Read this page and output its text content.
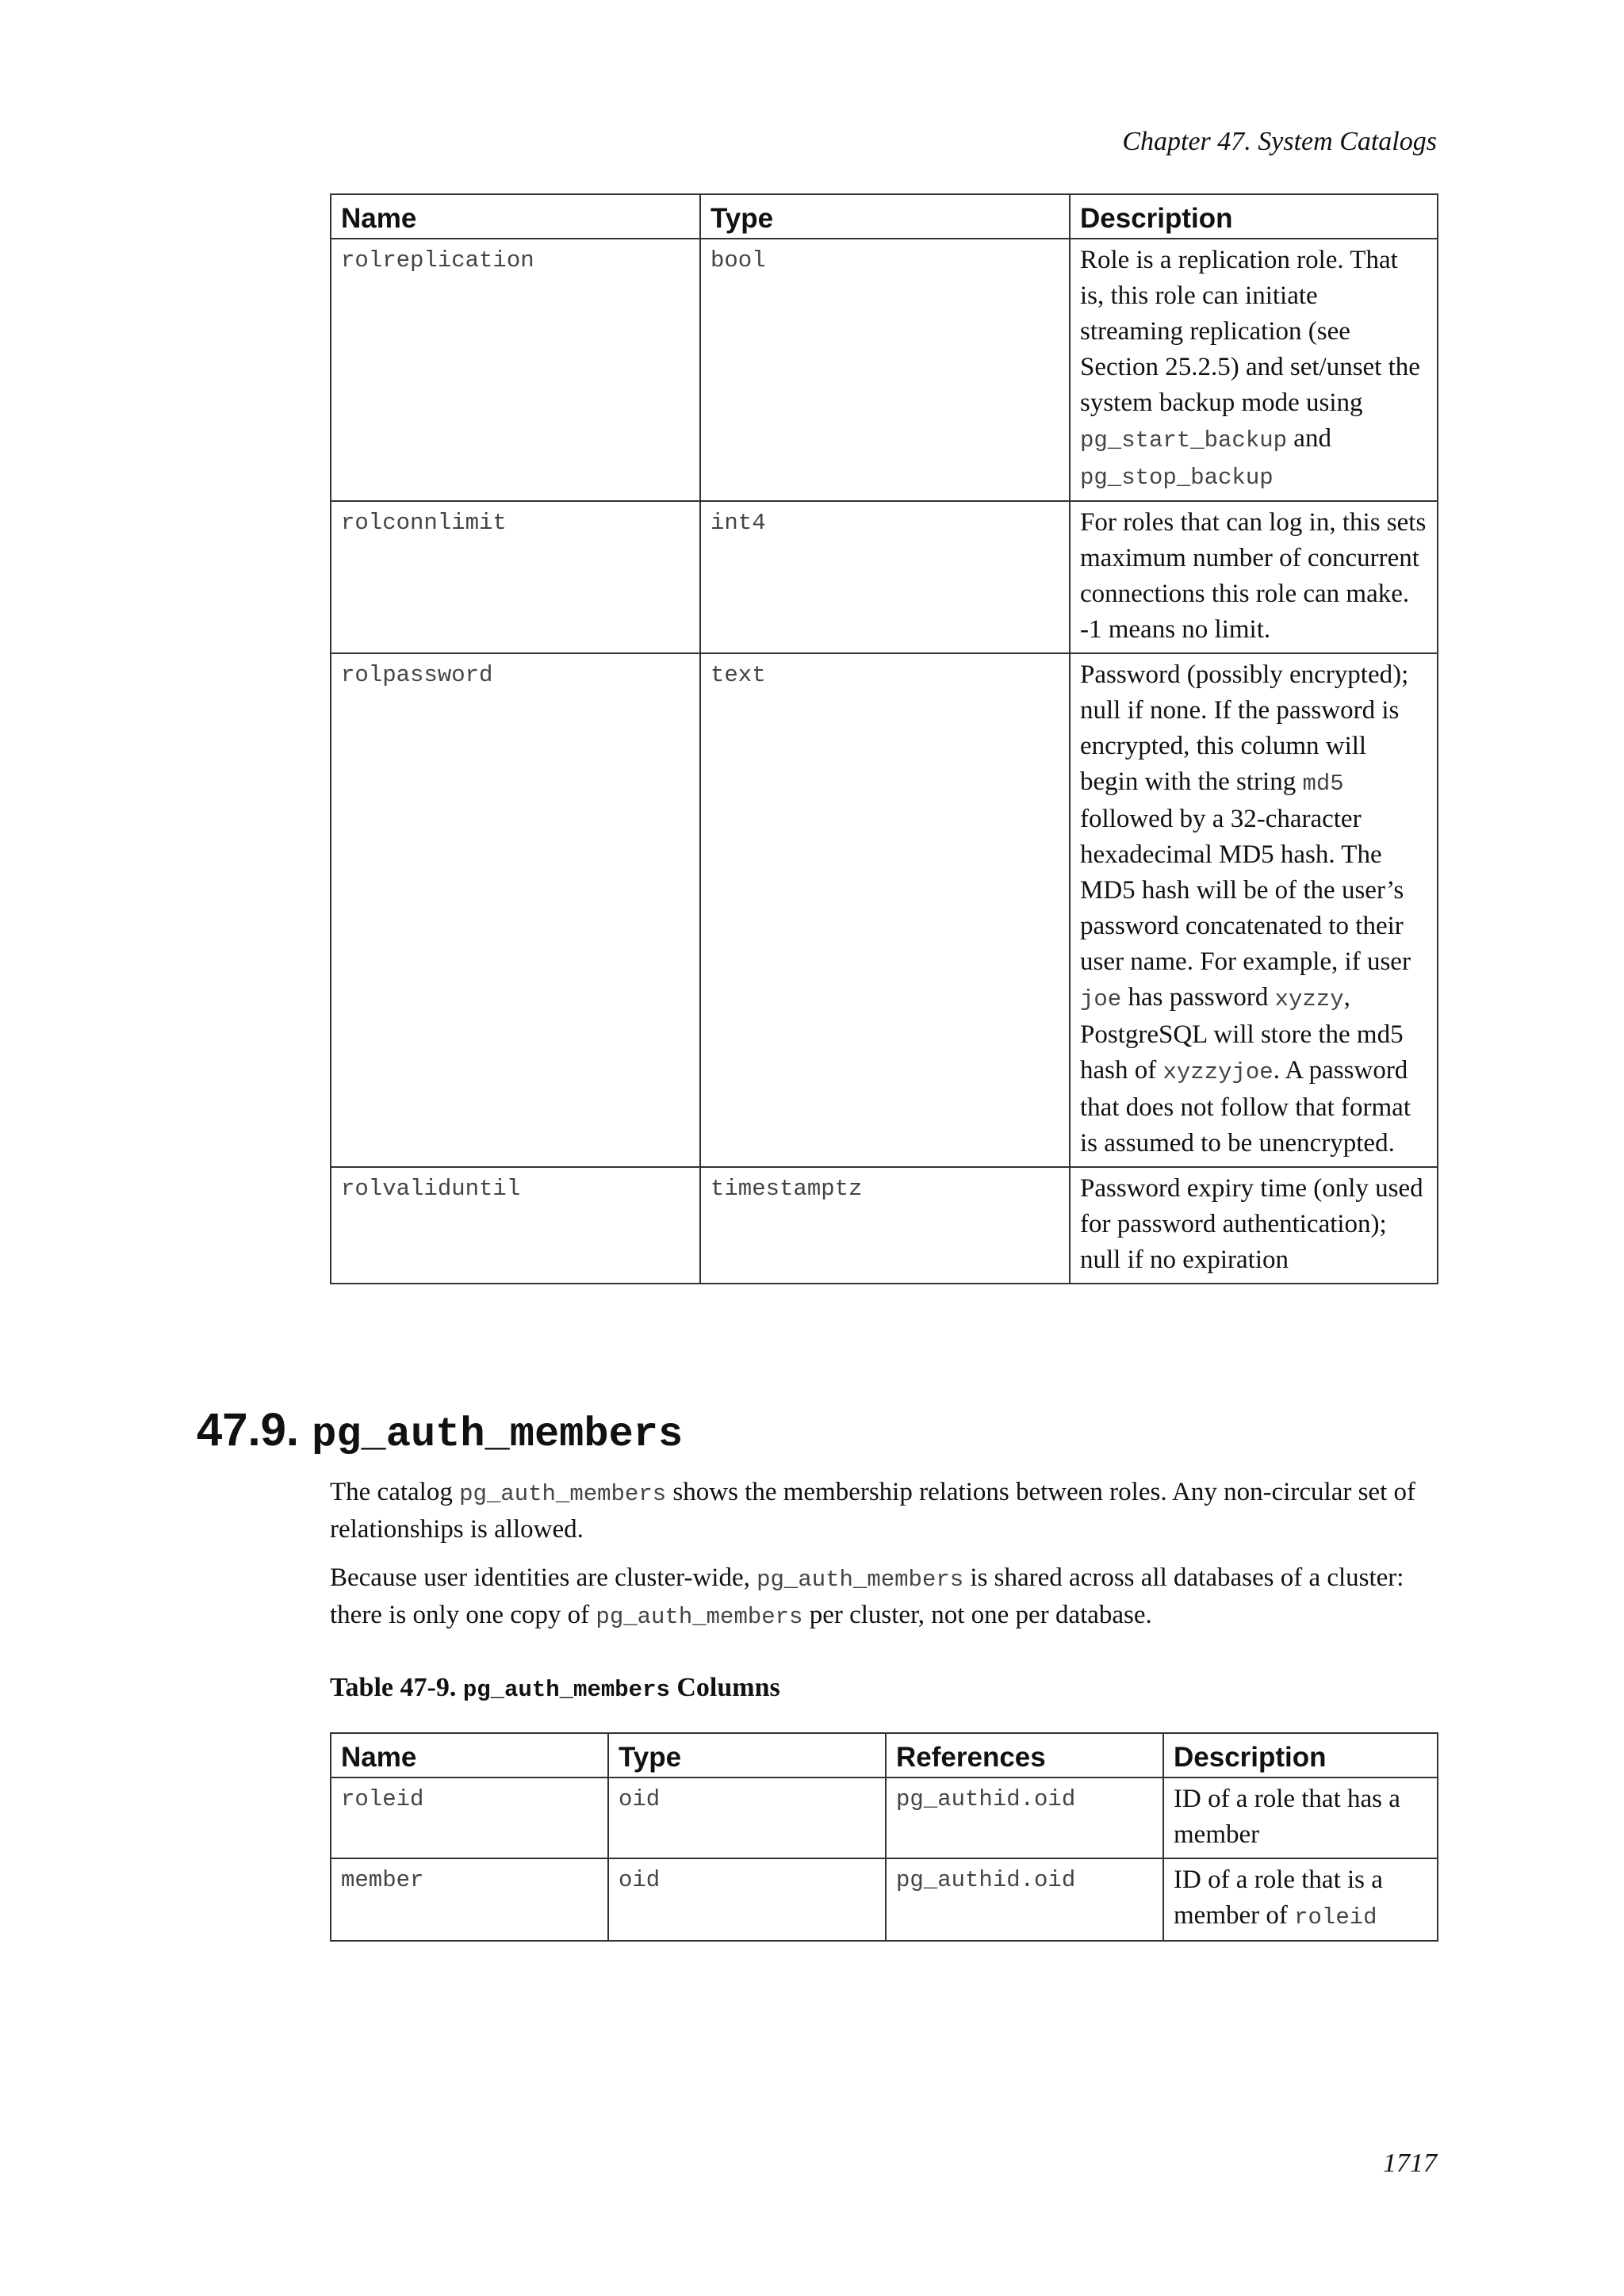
Chapter 47. System Catalogs
Name	Type	Description
rolreplication	bool	Role is a replication role. That is, this role can initiate streaming replication (see Section 25.2.5) and set/unset the system backup mode using pg_start_backup and pg_stop_backup
rolconnlimit	int4	For roles that can log in, this sets maximum number of concurrent connections this role can make. -1 means no limit.
rolpassword	text	Password (possibly encrypted); null if none. If the password is encrypted, this column will begin with the string md5 followed by a 32-character hexadecimal MD5 hash. The MD5 hash will be of the user’s password concatenated to their user name. For example, if user joe has password xyzzy, PostgreSQL will store the md5 hash of xyzzyjoe. A password that does not follow that format is assumed to be unencrypted.
rolvaliduntil	timestamptz	Password expiry time (only used for password authentication); null if no expiration
47.9. pg_auth_members

The catalog pg_auth_members shows the membership relations between roles. Any non-circular set of relationships is allowed.

Because user identities are cluster-wide, pg_auth_members is shared across all databases of a cluster: there is only one copy of pg_auth_members per cluster, not one per database.

Table 47-9. pg_auth_members Columns
Name	Type	References	Description
roleid	oid	pg_authid.oid	ID of a role that has a member
member	oid	pg_authid.oid	ID of a role that is a member of roleid
1717
